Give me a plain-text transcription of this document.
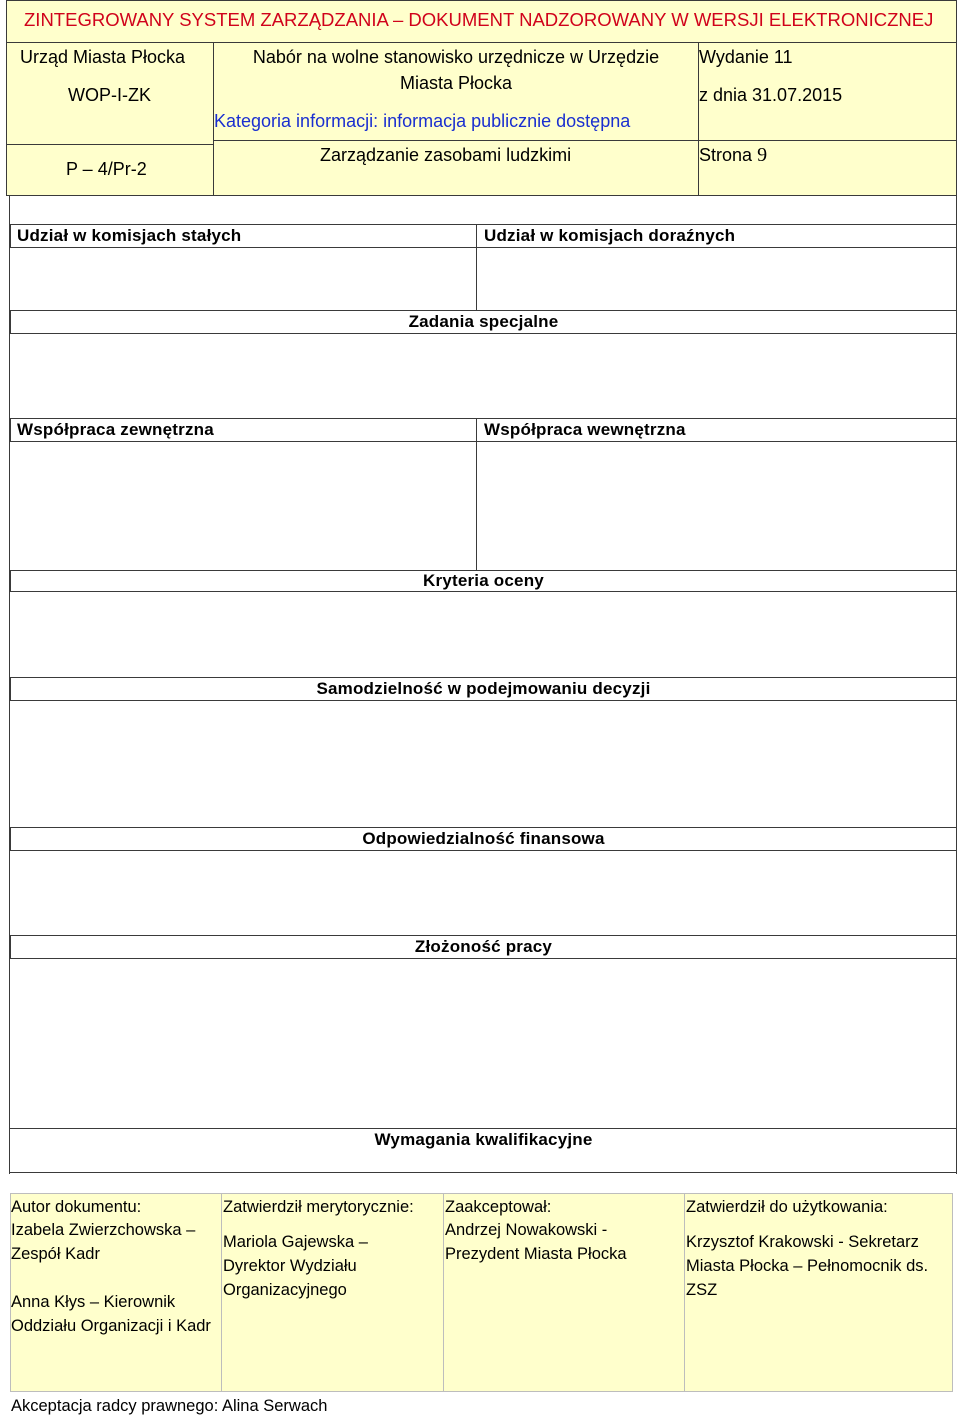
ZINTEGROWANY SYSTEM ZARZĄDZANIA – DOKUMENT NADZOROWANY W WERSJI ELEKTRONICZNEJ
Urząd Miasta Płocka
WOP-I-ZK
P – 4/Pr-2
Nabór na wolne stanowisko urzędnicze w Urzędzie
Miasta Płocka
Kategoria informacji: informacja publicznie dostępna
Zarządzanie zasobami ludzkimi
Wydanie 11
z dnia 31.07.2015
Strona 9
Udział w komisjach stałych	Udział w komisjach doraźnych
Zadania specjalne
Współpraca zewnętrzna	Współpraca wewnętrzna
Kryteria oceny
Samodzielność w podejmowaniu decyzji
Odpowiedzialność finansowa
Złożoność pracy
Wymagania kwalifikacyjne
Autor dokumentu:
Izabela Zwierzchowska – Zespół Kadr
Anna Kłys – Kierownik Oddziału Organizacji i Kadr
Zatwierdził merytorycznie:
Mariola Gajewska – Dyrektor Wydziału Organizacyjnego
Zaakceptował:
Andrzej Nowakowski - Prezydent Miasta Płocka
Zatwierdził do użytkowania:
Krzysztof Krakowski - Sekretarz Miasta Płocka – Pełnomocnik ds. ZSZ
Akceptacja radcy prawnego: Alina Serwach
